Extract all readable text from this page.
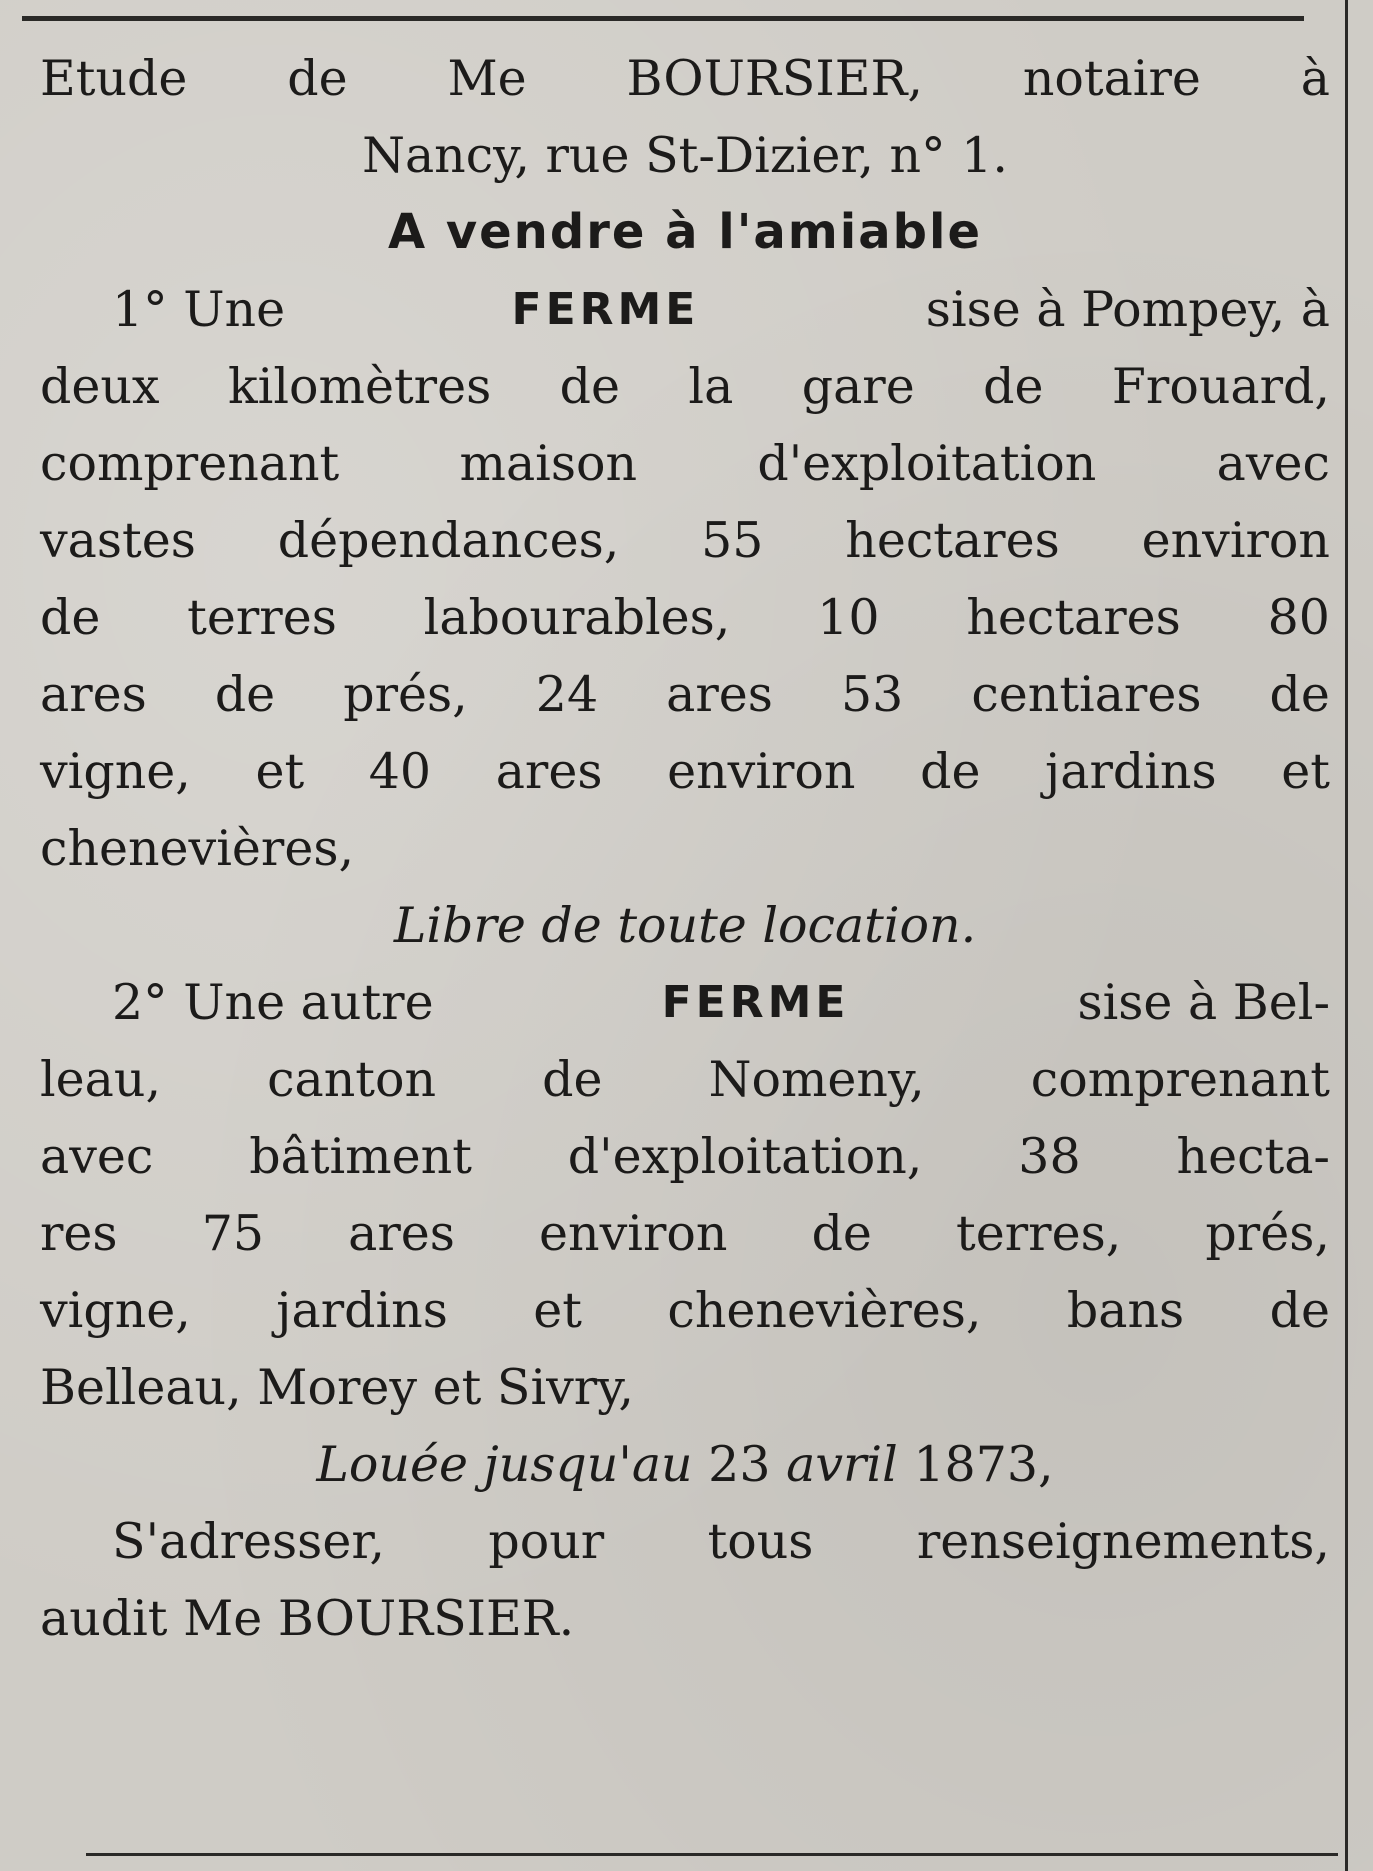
Etude de Me BOURSIER, notaire à

Nancy, rue St-Dizier, n° 1.

A vendre à l'amiable

1° Une	FERME	sise à Pompey, à

deux kilomètres de la gare de Frouard,

comprenant maison d'exploitation avec

vastes dépendances, 55 hectares environ

de terres labourables, 10 hectares 80

ares de prés, 24 ares 53 centiares de

vigne, et 40 ares environ de jardins et

chenevières,

Libre de toute location.

2° Une autre	FERME	sise à Bel-

leau, canton de Nomeny, comprenant

avec bâtiment d'exploitation, 38 hecta-

res 75 ares environ de terres, prés,

vigne, jardins et chenevières, bans de

Belleau, Morey et Sivry,

Louée jusqu'au 23 avril 1873,

S'adresser, pour tous renseignements,

audit Me BOURSIER.
